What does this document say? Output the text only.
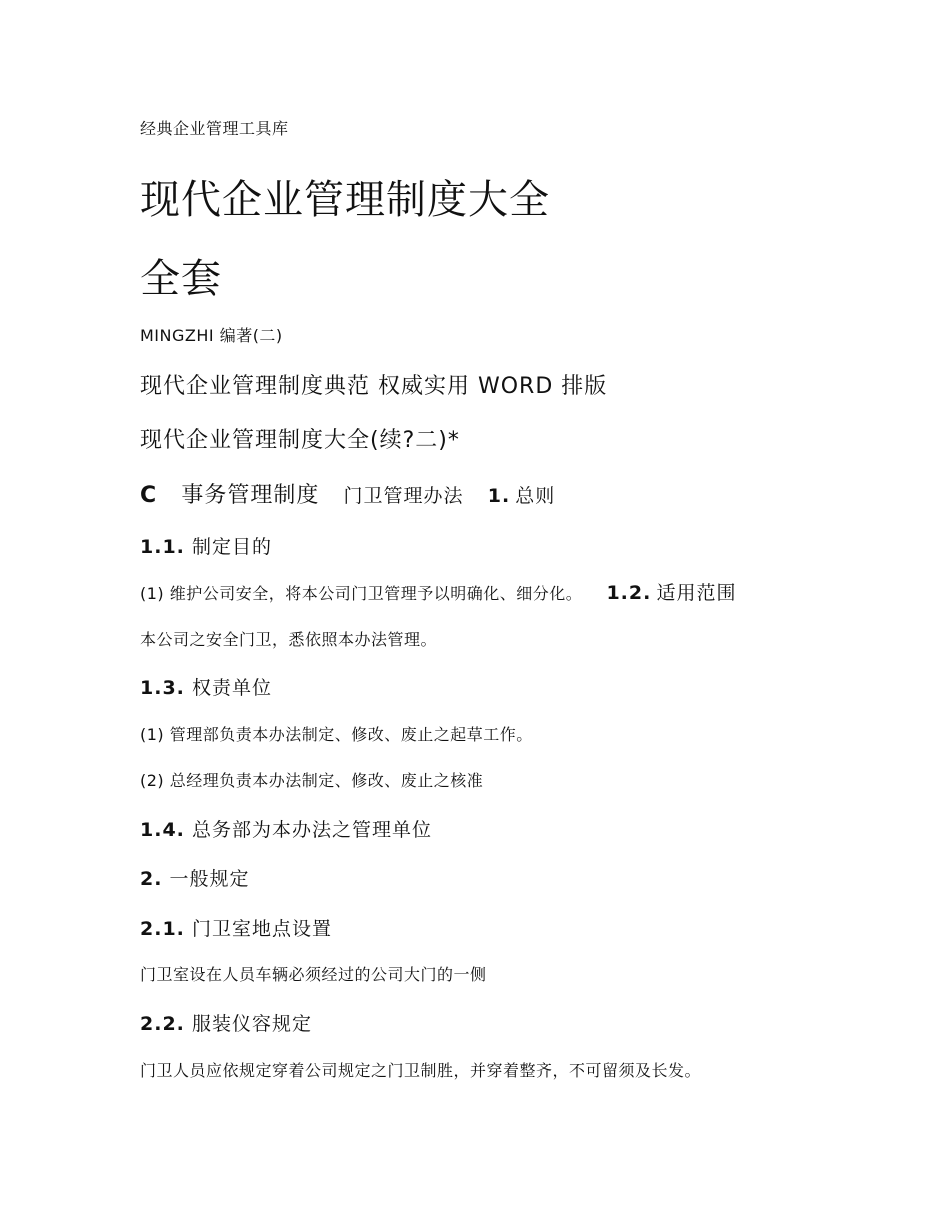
经典企业管理工具库
现代企业管理制度大全
全套
MINGZHI 编著(二)
现代企业管理制度典范 权威实用 WORD 排版
现代企业管理制度大全(续?二)*
C 事务管理制度 门卫管理办法 1. 总则
1.1. 制定目的
(1) 维护公司安全，将本公司门卫管理予以明确化、细分化。 1.2. 适用范围
本公司之安全门卫，悉依照本办法管理。
1.3. 权责单位
(1) 管理部负责本办法制定、修改、废止之起草工作。
(2) 总经理负责本办法制定、修改、废止之核准
1.4. 总务部为本办法之管理单位
2. 一般规定
2.1. 门卫室地点设置
门卫室设在人员车辆必须经过的公司大门的一侧
2.2. 服装仪容规定
门卫人员应依规定穿着公司规定之门卫制胜，并穿着整齐，不可留须及长发。
